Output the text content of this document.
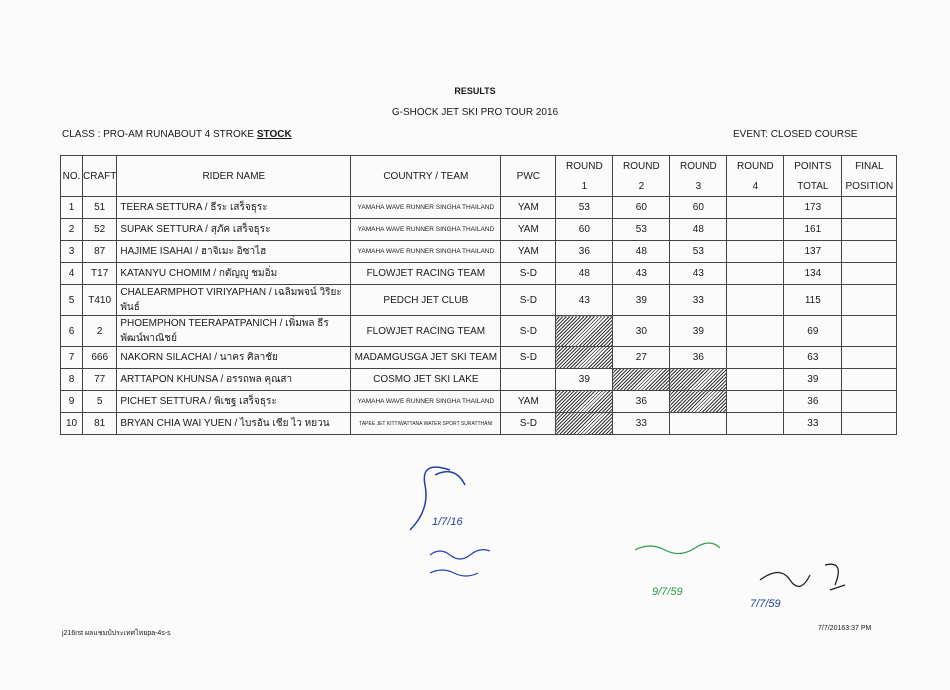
RESULTS
G-SHOCK JET SKI PRO TOUR 2016
CLASS : PRO-AM RUNABOUT 4 STROKE STOCK	EVENT: CLOSED COURSE
NO.	CRAFT	RIDER NAME	COUNTRY / TEAM	PWC	ROUND	ROUND	ROUND	ROUND	POINTS	FINAL
					1	2	3	4	TOTAL	POSITION
1	51	TEERA SETTURA / ธีระ เสร็จธุระ	YAMAHA WAVE RUNNER SINGHA THAILAND	YAM	53	60	60		173	
2	52	SUPAK SETTURA / สุภัค เสร็จธุระ	YAMAHA WAVE RUNNER SINGHA THAILAND	YAM	60	53	48		161	
3	87	HAJIME ISAHAI / ฮาจิเมะ อิซาไฮ	YAMAHA WAVE RUNNER SINGHA THAILAND	YAM	36	48	53		137	
4	T17	KATANYU CHOMIM / กตัญญู ชมอิ่ม	FLOWJET RACING TEAM	S-D	48	43	43		134	
5	T410	CHALEARMPHOT VIRIYAPHAN / เฉลิมพจน์ วิริยะพันธ์	PEDCH JET CLUB	S-D	43	39	33		115	
6	2	PHOEMPHON TEERAPATPANICH / เพิ่มพล ธีรพัฒน์พาณิชย์	FLOWJET RACING TEAM	S-D		30	39		69	
7	666	NAKORN SILACHAI / นาคร ศิลาชัย	MADAMGUSGA JET SKI TEAM	S-D		27	36		63	
8	77	ARTTAPON KHUNSA / อรรถพล คุณสา	COSMO JET SKI LAKE		39				39	
9	5	PICHET SETTURA / พิเชฐ เสร็จธุระ	YAMAHA WAVE RUNNER SINGHA THAILAND	YAM		36			36	
10	81	BRYAN CHIA WAI YUEN / ไบรอัน เชีย ไว หยวน	TAPEE JET KITTIWATTANA WATER SPORT SURATTHANI	S-D		33			33	
1/7/16
9/7/59
7/7/59
j216rst ผลแชมป์ประเทศไทยpa-4s-s
7/7/20163:37 PM
